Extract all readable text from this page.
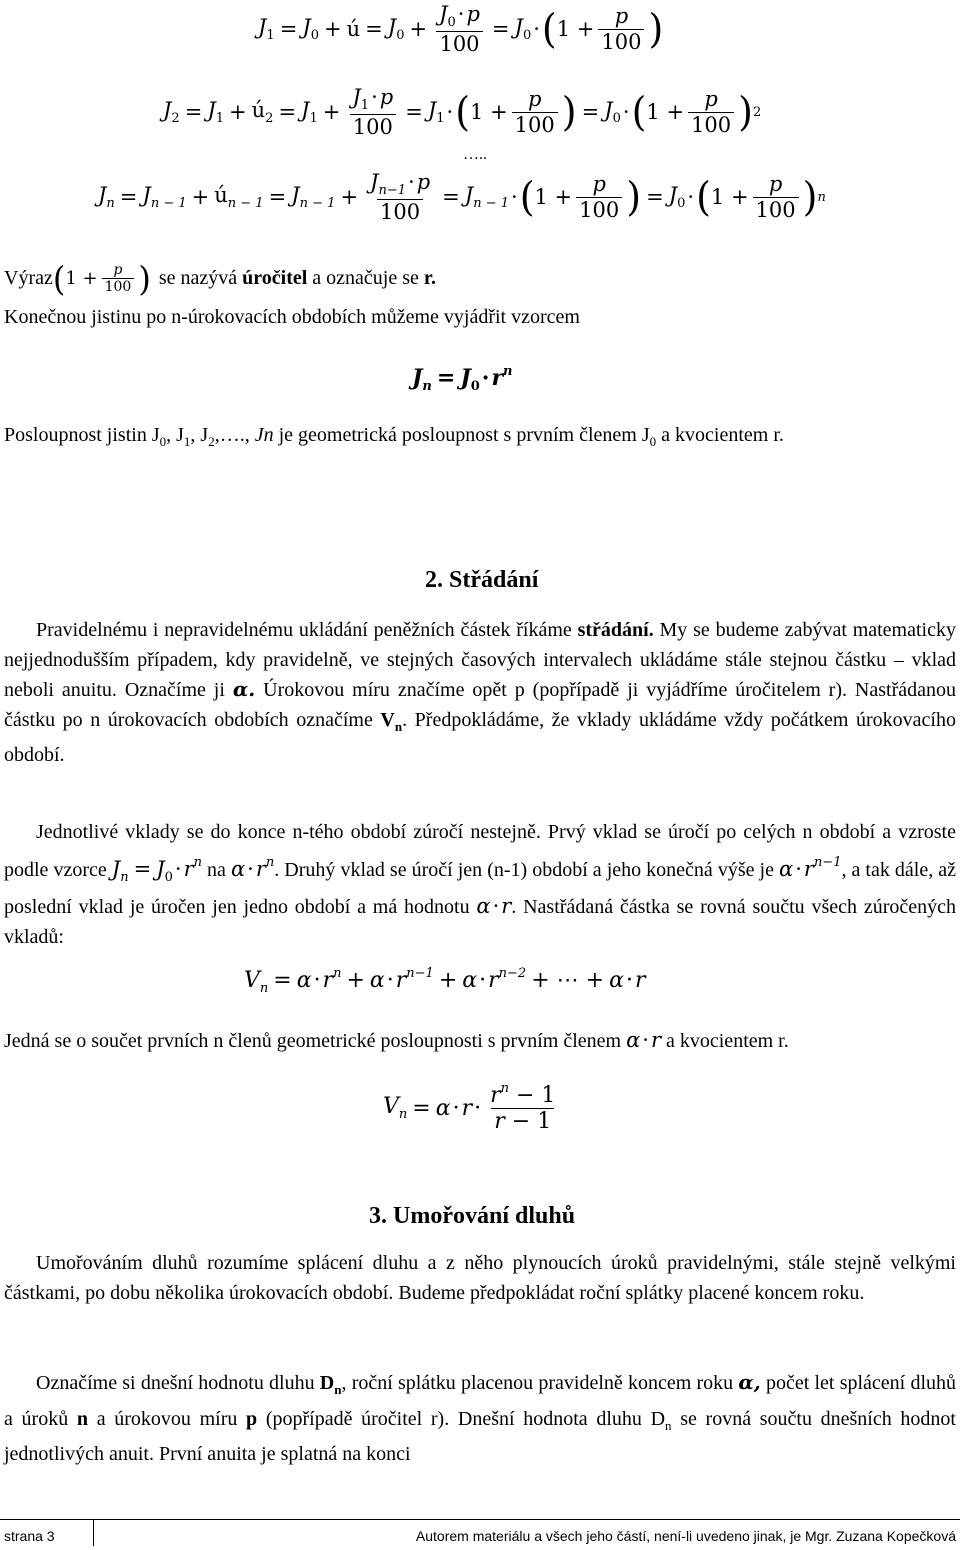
$J_1 = J_0$ + ú = $J_0 + \frac{J_0\cdot p}{100} = J_0$ · ( $1 + \frac{p}{100}$ )
$J_2 = J_1$ + $ú_2 = J_1 + \frac{J_1\cdot p}{100} = J_1$ · ( $1 + \frac{p}{100}$ ) = $J_0$ · ( $1 + \frac{p}{100}$ ) 2
…..
$J_n = J_{n - 1}$ + $ú_{n - 1} = J_{n - 1} + \frac{J_{n-1}\cdot p}{100} = J_{n - 1}$ · ( $1 + \frac{p}{100}$ ) = $J_0$ · ( $1 + \frac{p}{100}$ ) n
Výraz ( $1 + \frac{p}{100}$ ) se nazývá
úročitel
a označuje se
r.
Konečnou jistinu po n-úrokovacích obdobích můžeme vyjádřit vzorcem
$J_n = J_0\cdot r^n$
Posloupnost jistin $J_0$, $J_1$, $J_2,\dots$., Jn je geometrická posloupnost s prvním členem $J_0$ a kvocientem r.
2. Střádání
Pravidelnému i nepravidelnému ukládání peněžních částek říkáme střádání. My se budeme zabývat matematicky nejjednodušším případem, kdy pravidelně, ve stejných časových intervalech ukládáme stále stejnou částku – vklad neboli anuitu. Označíme ji α. Úrokovou míru značíme opět p (popřípadě ji vyjádříme úročitelem r). Nastřádanou částku po n úrokovacích obdobích označíme $V_n$. Předpokládáme, že vklady ukládáme vždy počátkem úrokovacího období.
Jednotlivé vklady se do konce n-tého období zúročí nestejně. Prvý vklad se úročí po celých n období a vzroste podle vzorce $J_n = J_0\cdot r^n$ na $\alpha\cdot r^n$. Druhý vklad se úročí jen (n-1) období a jeho konečná výše je $\alpha\cdot r^{n-1}$, a tak dále, až poslední vklad je úročen jen jedno období a má hodnotu α·r. Nastřádaná částka se rovná součtu všech zúročených vkladů:
$V_n = \alpha\cdot r^n + \alpha\cdot r^{n-1} + \alpha\cdot r^{n-2}$ + ⋯ + α·r
Jedná se o součet prvních n členů geometrické posloupnosti s prvním členem α·r a kvocientem r.
$V_n = \alpha \cdot r \cdot \frac{r^n - 1}{r - 1}$
3. Umořování dluhů
Umořováním dluhů rozumíme splácení dluhu a z něho plynoucích úroků pravidelnými, stále stejně velkými částkami, po dobu několika úrokovacích období. Budeme předpokládat roční splátky placené koncem roku.
Označíme si dnešní hodnotu dluhu $D_n$, roční splátku placenou pravidelně koncem roku α, počet let splácení dluhů a úroků n a úrokovou míru p (popřípadě úročitel r). Dnešní hodnota dluhu $D_n$ se rovná součtu dnešních hodnot jednotlivých anuit. První anuita je splatná na konci
strana 3	Autorem materiálu a všech jeho částí, není-li uvedeno jinak, je Mgr. Zuzana Kopečková
